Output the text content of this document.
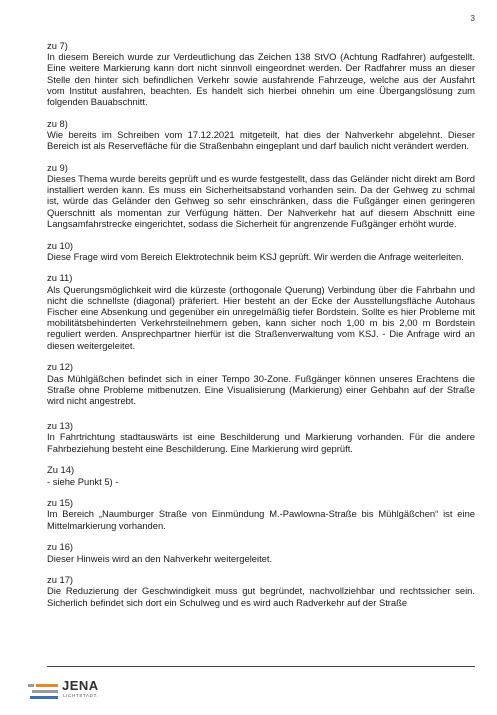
3

zu 7)

In diesem Bereich wurde zur Verdeutlichung das Zeichen 138 StVO (Achtung Radfahrer) aufgestellt. Eine weitere Markierung kann dort nicht sinnvoll eingeordnet werden. Der Radfahrer muss an dieser Stelle den hinter sich befindlichen Verkehr sowie ausfahrende Fahrzeuge, welche aus der Ausfahrt vom Institut ausfahren, beachten. Es handelt sich hierbei ohnehin um eine Übergangslösung zum folgenden Bauabschnitt.

zu 8)

Wie bereits im Schreiben vom 17.12.2021 mitgeteilt, hat dies der Nahverkehr abgelehnt. Dieser Bereich ist als Reservefläche für die Straßenbahn eingeplant und darf baulich nicht verändert werden.

zu 9)

Dieses Thema wurde bereits geprüft und es wurde festgestellt, dass das Geländer nicht direkt am Bord installiert werden kann. Es muss ein Sicherheitsabstand vorhanden sein. Da der Gehweg zu schmal ist, würde das Geländer den Gehweg so sehr einschränken, dass die Fußgänger einen geringeren Querschnitt als momentan zur Verfügung hätten. Der Nahverkehr hat auf diesem Abschnitt eine Langsamfahrstrecke eingerichtet, sodass die Sicherheit für angrenzende Fußgänger erhöht wurde.

zu 10)

Diese Frage wird vom Bereich Elektrotechnik beim KSJ geprüft. Wir werden die Anfrage weiterleiten.

zu 11)

Als Querungsmöglichkeit wird die kürzeste (orthogonale Querung) Verbindung über die Fahrbahn und nicht die schnellste (diagonal) präferiert. Hier besteht an der Ecke der Ausstellungsfläche Autohaus Fischer eine Absenkung und gegenüber ein unregelmäßig tiefer Bordstein. Sollte es hier Probleme mit mobilitätsbehinderten Verkehrsteilnehmern geben, kann sicher noch 1,00 m bis 2,00 m Bordstein reguliert werden. Ansprechpartner hierfür ist die Straßenverwaltung vom KSJ. - Die Anfrage wird an diesen weitergeleitet.

zu 12)

Das Mühlgäßchen befindet sich in einer Tempo 30-Zone. Fußgänger können unseres Erachtens die Straße ohne Probleme mitbenutzen. Eine Visualisierung (Markierung) einer Gehbahn auf der Straße wird nicht angestrebt.

zu 13)

In Fahrtrichtung stadtauswärts ist eine Beschilderung und Markierung vorhanden. Für die andere Fahrbeziehung besteht eine Beschilderung. Eine Markierung wird geprüft.

Zu 14)

- siehe Punkt 5) -

zu 15)

Im Bereich „Naumburger Straße von Einmündung M.-Pawlowna-Straße bis Mühlgäßchen“ ist eine Mittelmarkierung vorhanden.

zu 16)

Dieser Hinweis wird an den Nahverkehr weitergeleitet.

zu 17)

Die Reduzierung der Geschwindigkeit muss gut begründet, nachvollziehbar und rechtssicher sein. Sicherlich befindet sich dort ein Schulweg und es wird auch Radverkehr auf der Straße

JENA
LICHTSTADT.
